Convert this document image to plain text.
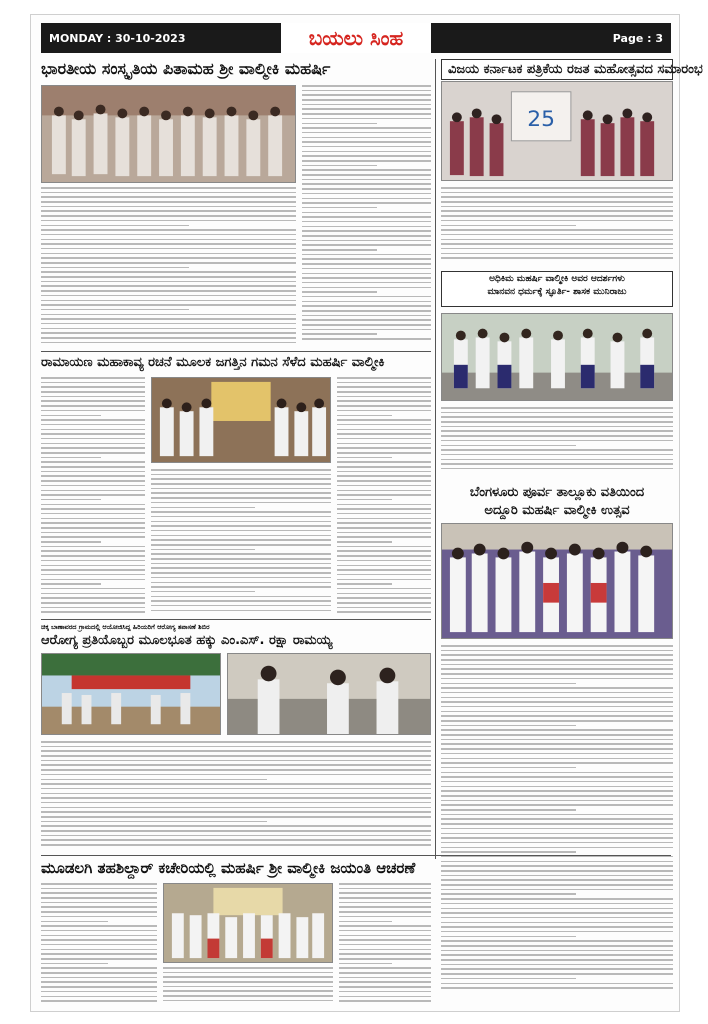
MONDAY : 30-10-2023	ಬಯಲು ಸಿಂಹ	Page : 3
ಭಾರತೀಯ ಸಂಸ್ಕೃತಿಯ ಪಿತಾಮಹ ಶ್ರೀ ವಾಲ್ಮೀಕಿ ಮಹರ್ಷಿ	ವಿಜಯ ಕರ್ನಾಟಕ ಪತ್ರಿಕೆಯ ರಜತ ಮಹೋತ್ಸವದ ಸಮಾರಂಭ
25
ಅಧಿಕಿಮ ಮಹರ್ಷಿ ವಾಲ್ಮೀಕಿ ಅವರ ಆದರ್ಶಗಳು
ಮಾನವನ ಧರ್ಮಕ್ಕೆ ಸ್ಫೂರ್ತಿ- ಶಾಸಕ ಮುನಿರಾಜು
ಬೆಂಗಳೂರು ಪೂರ್ವ ತಾಲ್ಲೂಕು ವತಿಯಿಂದ
ಅದ್ದೂರಿ ಮಹರ್ಷಿ ವಾಲ್ಮೀಕಿ ಉತ್ಸವ
ರಾಮಾಯಣ ಮಹಾಕಾವ್ಯ ರಚನೆ ಮೂಲಕ ಜಗತ್ತಿನ ಗಮನ ಸೆಳೆದ ಮಹರ್ಷಿ ವಾಲ್ಮೀಕಿ
ಚಿಕ್ಕ ಬಾಣಾವರದ ಗ್ರಾಮದಲ್ಲಿ ಆಯೋಜಿಸಿದ್ದ ಹಿರಿಯರಿಗೆ ಆರೋಗ್ಯ ತಪಾಸಣೆ ಶಿಬಿರ
ಆರೋಗ್ಯ ಪ್ರತಿಯೊಬ್ಬರ ಮೂಲಭೂತ ಹಕ್ಕು ಎಂ.ಎಸ್. ರಕ್ಷಾ ರಾಮಯ್ಯ
ಮೂಡಲಗಿ ತಹಶಿಲ್ದಾರ್ ಕಚೇರಿಯಲ್ಲಿ ಮಹರ್ಷಿ ಶ್ರೀ ವಾಲ್ಮೀಕಿ ಜಯಂತಿ ಆಚರಣೆ
